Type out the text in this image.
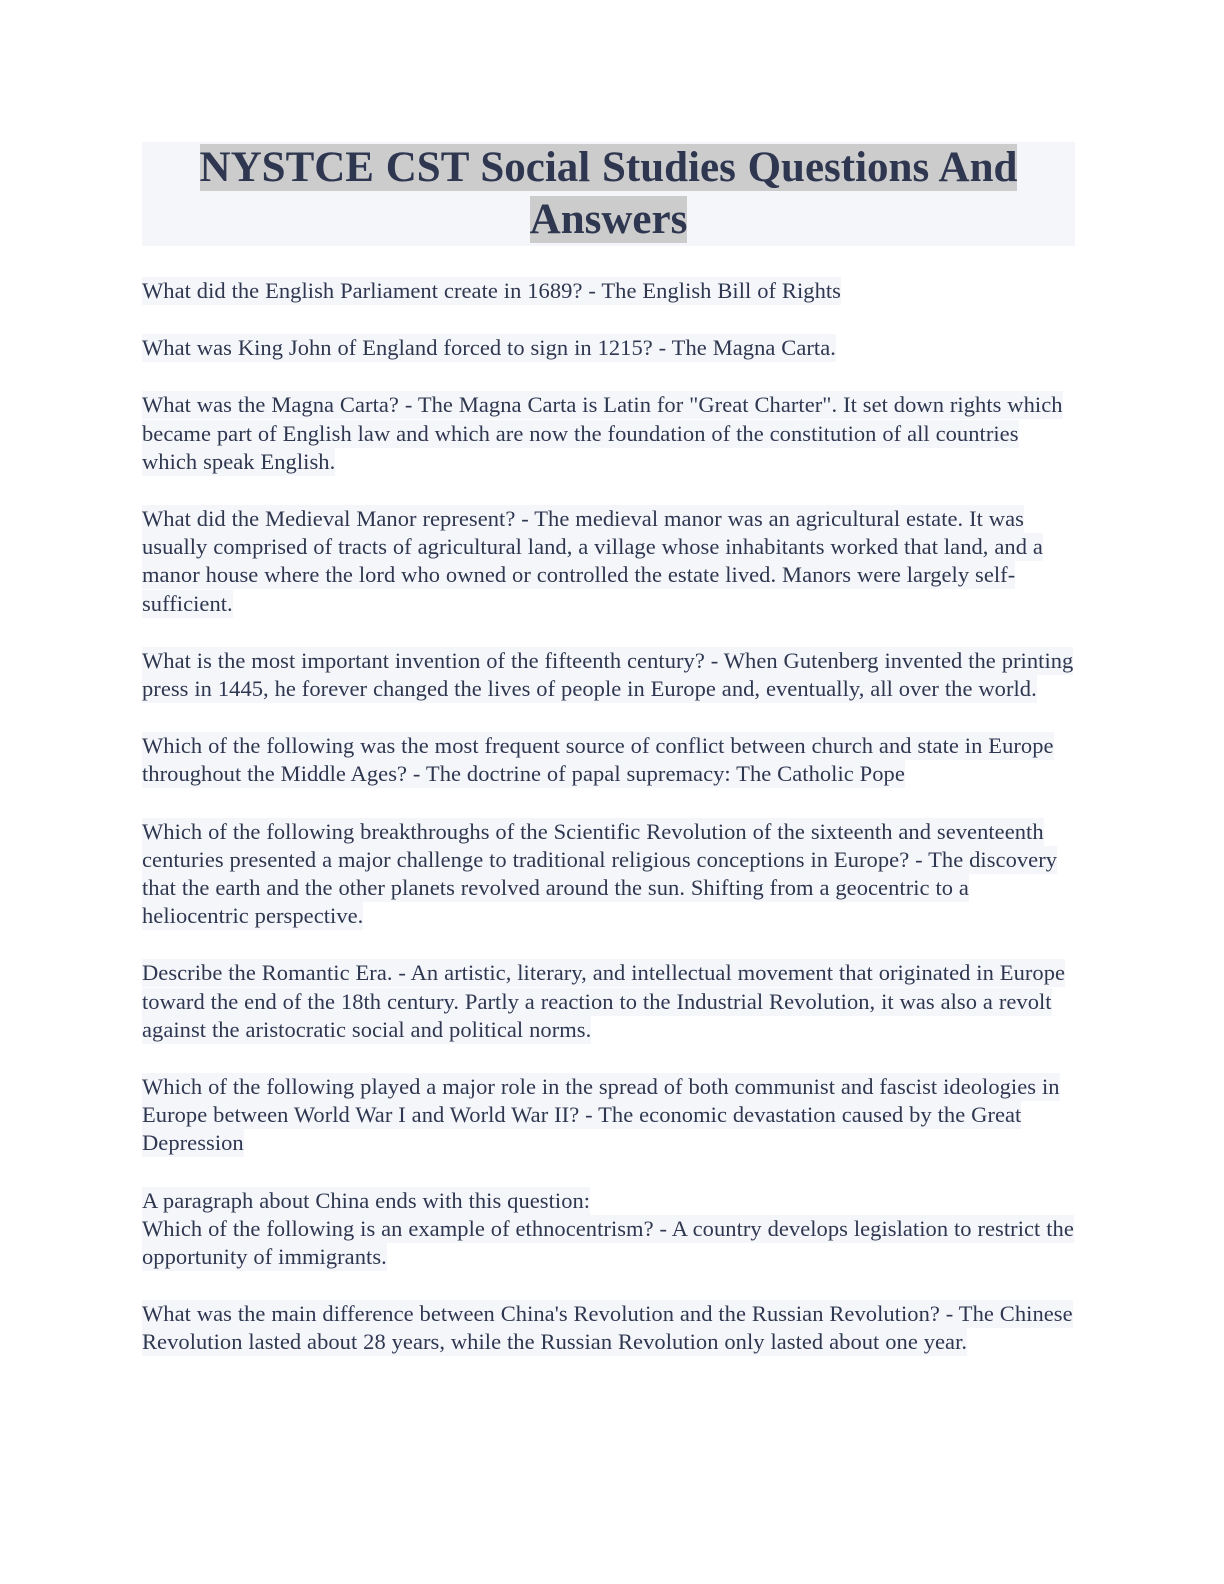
NYSTCE CST Social Studies Questions And Answers

What did the English Parliament create in 1689? - The English Bill of Rights

What was King John of England forced to sign in 1215? - The Magna Carta.

What was the Magna Carta? - The Magna Carta is Latin for "Great Charter". It set down rights which became part of English law and which are now the foundation of the constitution of all countries which speak English.

What did the Medieval Manor represent? - The medieval manor was an agricultural estate. It was usually comprised of tracts of agricultural land, a village whose inhabitants worked that land, and a manor house where the lord who owned or controlled the estate lived. Manors were largely self-sufficient.

What is the most important invention of the fifteenth century? - When Gutenberg invented the printing press in 1445, he forever changed the lives of people in Europe and, eventually, all over the world.

Which of the following was the most frequent source of conflict between church and state in Europe throughout the Middle Ages? - The doctrine of papal supremacy: The Catholic Pope

Which of the following breakthroughs of the Scientific Revolution of the sixteenth and seventeenth centuries presented a major challenge to traditional religious conceptions in Europe? - The discovery that the earth and the other planets revolved around the sun. Shifting from a geocentric to a heliocentric perspective.

Describe the Romantic Era. - An artistic, literary, and intellectual movement that originated in Europe toward the end of the 18th century. Partly a reaction to the Industrial Revolution, it was also a revolt against the aristocratic social and political norms.

Which of the following played a major role in the spread of both communist and fascist ideologies in Europe between World War I and World War II? - The economic devastation caused by the Great Depression

A paragraph about China ends with this question:
Which of the following is an example of ethnocentrism? - A country develops legislation to restrict the opportunity of immigrants.

What was the main difference between China's Revolution and the Russian Revolution? - The Chinese Revolution lasted about 28 years, while the Russian Revolution only lasted about one year.
